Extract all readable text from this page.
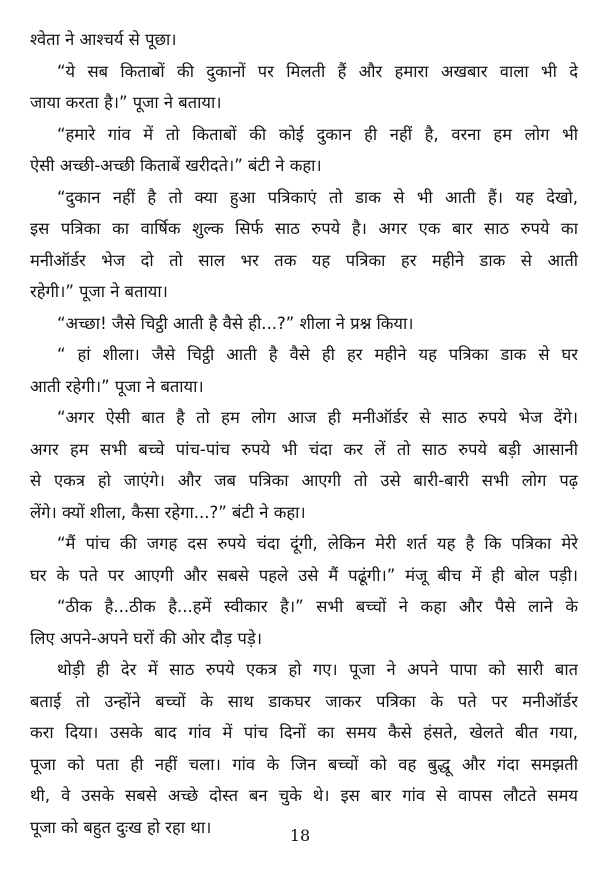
श्वेता ने आश्चर्य से पूछा।
“ये सब किताबों की दुकानों पर मिलती हैं और हमारा अखबार वाला भी दे
जाया करता है।” पूजा ने बताया।
“हमारे गांव में तो किताबों की कोई दुकान ही नहीं है, वरना हम लोग भी
ऐसी अच्छी-अच्छी किताबें खरीदते।” बंटी ने कहा।
“दुकान नहीं है तो क्या हुआ पत्रिकाएं तो डाक से भी आती हैं। यह देखो,
इस पत्रिका का वार्षिक शुल्क सिर्फ साठ रुपये है। अगर एक बार साठ रुपये का
मनीऑर्डर भेज दो तो साल भर तक यह पत्रिका हर महीने डाक से आती
रहेगी।” पूजा ने बताया।
“अच्छा! जैसे चिट्ठी आती है वैसे ही...?” शीला ने प्रश्न किया।
“ हां शीला। जैसे चिट्ठी आती है वैसे ही हर महीने यह पत्रिका डाक से घर
आती रहेगी।” पूजा ने बताया।
“अगर ऐसी बात है तो हम लोग आज ही मनीऑर्डर से साठ रुपये भेज देंगे।
अगर हम सभी बच्चे पांच-पांच रुपये भी चंदा कर लें तो साठ रुपये बड़ी आसानी
से एकत्र हो जाएंगे। और जब पत्रिका आएगी तो उसे बारी-बारी सभी लोग पढ़
लेंगे। क्यों शीला, कैसा रहेगा...?” बंटी ने कहा।
“मैं पांच की जगह दस रुपये चंदा दूंगी, लेकिन मेरी शर्त यह है कि पत्रिका मेरे
घर के पते पर आएगी और सबसे पहले उसे मैं पढूंगी।” मंजू बीच में ही बोल पड़ी।
“ठीक है...ठीक है...हमें स्वीकार है।” सभी बच्चों ने कहा और पैसे लाने के
लिए अपने-अपने घरों की ओर दौड़ पड़े।
थोड़ी ही देर में साठ रुपये एकत्र हो गए। पूजा ने अपने पापा को सारी बात
बताई तो उन्होंने बच्चों के साथ डाकघर जाकर पत्रिका के पते पर मनीऑर्डर
करा दिया। उसके बाद गांव में पांच दिनों का समय कैसे हंसते, खेलते बीत गया,
पूजा को पता ही नहीं चला। गांव के जिन बच्चों को वह बुद्धू और गंदा समझती
थी, वे उसके सबसे अच्छे दोस्त बन चुके थे। इस बार गांव से वापस लौटते समय
पूजा को बहुत दुःख हो रहा था।	18
